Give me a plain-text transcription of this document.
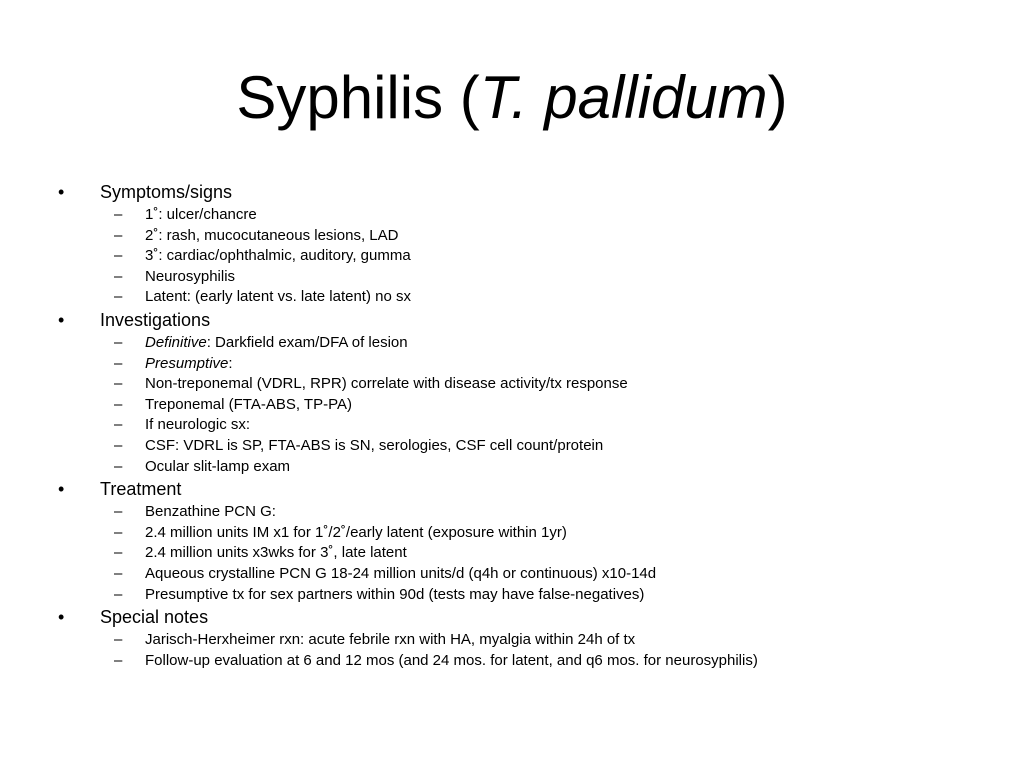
Syphilis (T. pallidum)
• Symptoms/signs
– 1˚: ulcer/chancre
– 2˚: rash, mucocutaneous lesions, LAD
– 3˚: cardiac/ophthalmic, auditory, gumma
– Neurosyphilis
– Latent: (early latent vs. late latent) no sx
• Investigations
– Definitive: Darkfield exam/DFA of lesion
– Presumptive:
– Non-treponemal (VDRL, RPR) correlate with disease activity/tx response
– Treponemal (FTA-ABS, TP-PA)
– If neurologic sx:
– CSF: VDRL is SP, FTA-ABS is SN, serologies, CSF cell count/protein
– Ocular slit-lamp exam
• Treatment
– Benzathine PCN G:
– 2.4 million units IM x1 for 1˚/2˚/early latent (exposure within 1yr)
– 2.4 million units x3wks for 3˚, late latent
– Aqueous crystalline PCN G 18-24 million units/d (q4h or continuous) x10-14d
– Presumptive tx for sex partners within 90d (tests may have false-negatives)
• Special notes
– Jarisch-Herxheimer rxn: acute febrile rxn with HA, myalgia within 24h of tx
– Follow-up evaluation at 6 and 12 mos (and 24 mos. for latent, and q6 mos. for neurosyphilis)
